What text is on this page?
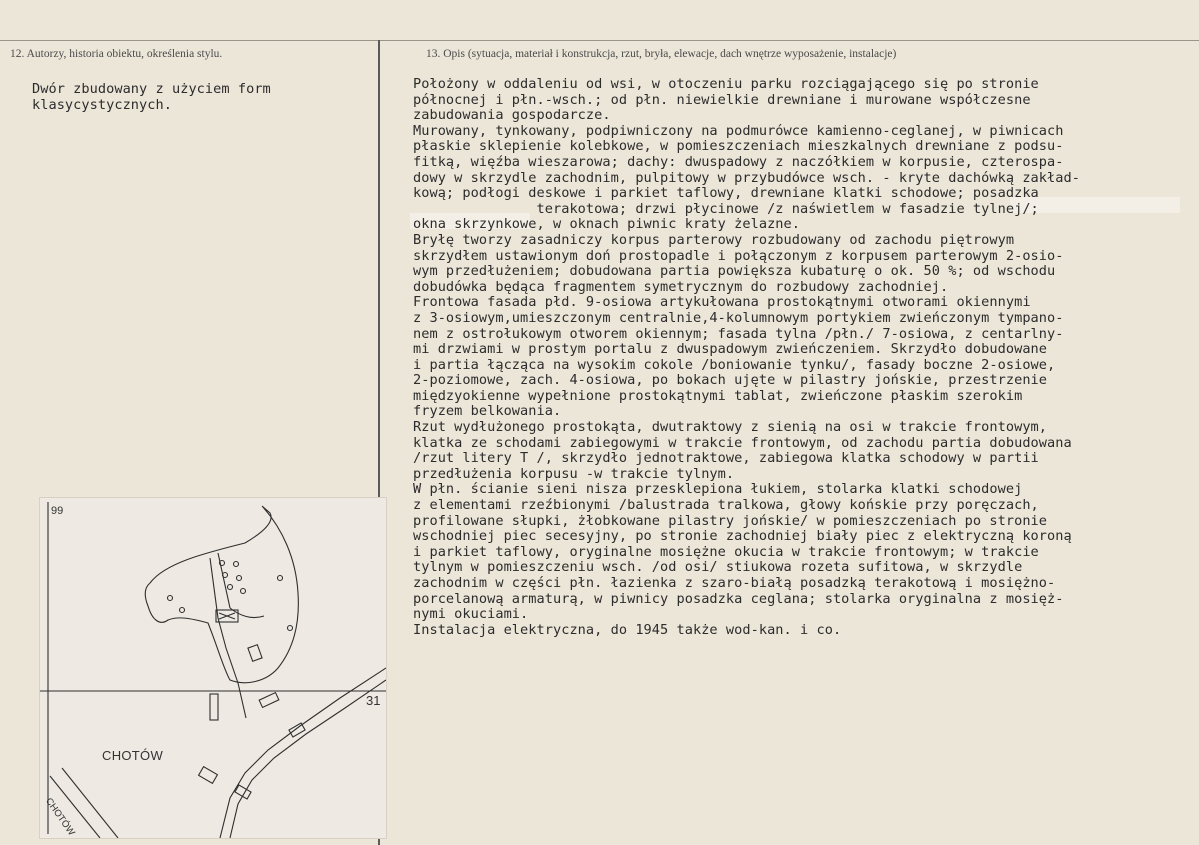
12. Autorzy, historia obiektu, określenia stylu.	13. Opis (sytuacja, materiał i konstrukcja, rzut, bryła, elewacje, dach wnętrze wyposażenie, instalacje)
Dwór zbudowany z użyciem form
klasycystycznych.
Położony w oddaleniu od wsi, w otoczeniu parku rozciągającego się po stronie
północnej i płn.-wsch.; od płn. niewielkie drewniane i murowane współczesne
zabudowania gospodarcze.
Murowany, tynkowany, podpiwniczony na podmurówce kamienno-ceglanej, w piwnicach
płaskie sklepienie kolebkowe, w pomieszczeniach mieszkalnych drewniane z podsu-
fitką, więźba wieszarowa; dachy: dwuspadowy z naczółkiem w korpusie, czterospa-
dowy w skrzydle zachodnim, pulpitowy w przybudówce wsch. - kryte dachówką zakład-
kową; podłogi deskowe i parkiet taflowy, drewniane klatki schodowe; posadzka
terakotowa; drzwi płycinowe /z naświetlem w fasadzie tylnej/;
okna skrzynkowe, w oknach piwnic kraty żelazne.
Bryłę tworzy zasadniczy korpus parterowy rozbudowany od zachodu piętrowym
skrzydłem ustawionym doń prostopadle i połączonym z korpusem parterowym 2-osio-
wym przedłużeniem; dobudowana partia powiększa kubaturę o ok. 50 %; od wschodu
dobudówka będąca fragmentem symetrycznym do rozbudowy zachodniej.
Frontowa fasada płd. 9-osiowa artykułowana prostokątnymi otworami okiennymi
z 3-osiowym,umieszczonym centralnie,4-kolumnowym portykiem zwieńczonym tympano-
nem z ostrołukowym otworem okiennym; fasada tylna /płn./ 7-osiowa, z centarlny-
mi drzwiami w prostym portalu z dwuspadowym zwieńczeniem. Skrzydło dobudowane
i partia łącząca na wysokim cokole /boniowanie tynku/, fasady boczne 2-osiowe,
2-poziomowe, zach. 4-osiowa, po bokach ujęte w pilastry jońskie, przestrzenie
międzyokienne wypełnione prostokątnymi tablat, zwieńczone płaskim szerokim
fryzem belkowania.
Rzut wydłużonego prostokąta, dwutraktowy z sienią na osi w trakcie frontowym,
klatka ze schodami zabiegowymi w trakcie frontowym, od zachodu partia dobudowana
/rzut litery T /, skrzydło jednotraktowe, zabiegowa klatka schodowy w partii
przedłużenia korpusu -w trakcie tylnym.
W płn. ścianie sieni nisza przesklepiona łukiem, stolarka klatki schodowej
z elementami rzeźbionymi /balustrada tralkowa, głowy końskie przy poręczach,
profilowane słupki, żłobkowane pilastry jońskie/ w pomieszczeniach po stronie
wschodniej piec secesyjny, po stronie zachodniej biały piec z elektryczną koroną
i parkiet taflowy, oryginalne mosiężne okucia w trakcie frontowym; w trakcie
tylnym w pomieszczeniu wsch. /od osi/ stiukowa rozeta sufitowa, w skrzydle
zachodnim w części płn. łazienka z szaro-białą posadzką terakotową i mosiężno-
porcelanową armaturą, w piwnicy posadzka ceglana; stolarka oryginalna z mosięż-
nymi okuciami.
Instalacja elektryczna, do 1945 także wod-kan. i co.
99
31
CHOTÓW
CHOTÓW
